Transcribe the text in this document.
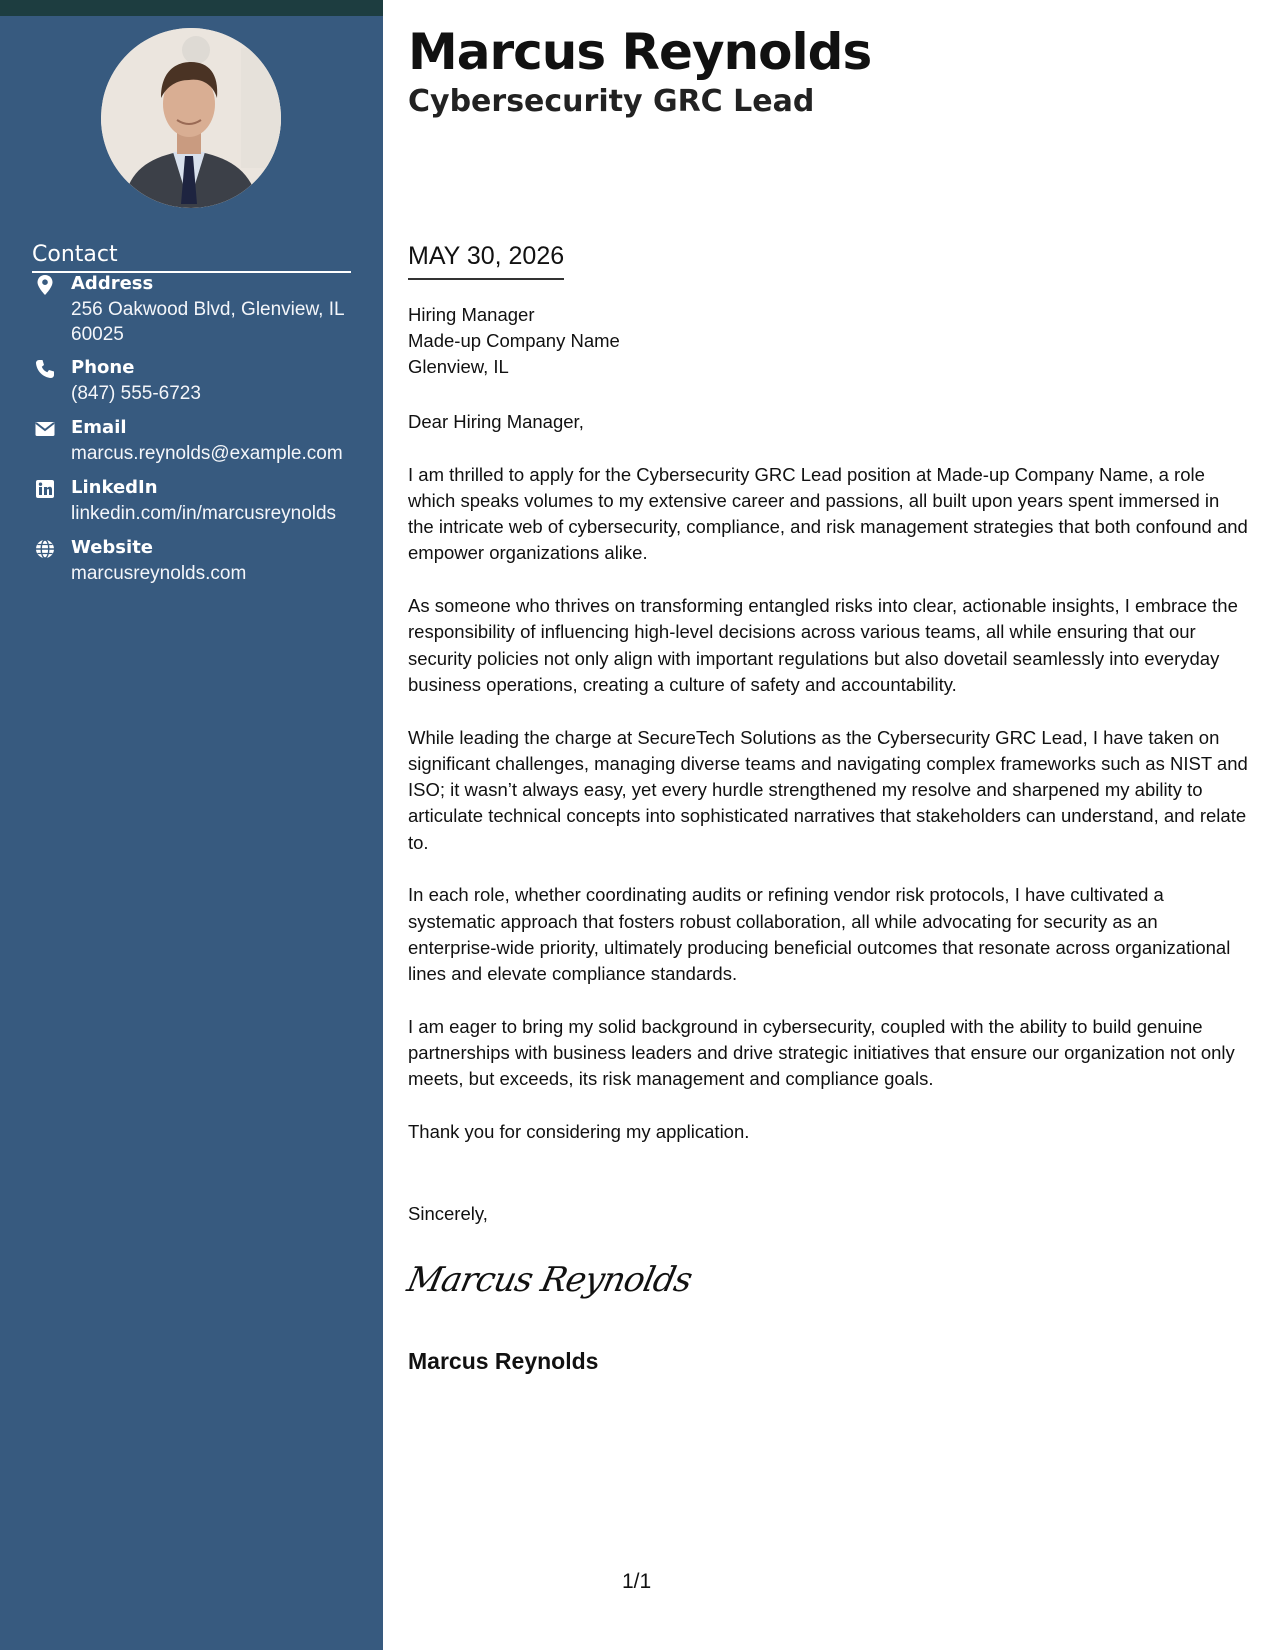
Contact
Address
256 Oakwood Blvd, Glenview, IL 60025
Phone
(847) 555-6723
Email
marcus.reynolds@example.com
LinkedIn
linkedin.com/in/marcusreynolds
Website
marcusreynolds.com
Marcus Reynolds
Cybersecurity GRC Lead
MAY 30, 2026
Hiring Manager
Made-up Company Name
Glenview, IL

Dear Hiring Manager,

I am thrilled to apply for the Cybersecurity GRC Lead position at Made-up Company Name, a role which speaks volumes to my extensive career and passions, all built upon years spent immersed in the intricate web of cybersecurity, compliance, and risk management strategies that both confound and empower organizations alike.

As someone who thrives on transforming entangled risks into clear, actionable insights, I embrace the responsibility of influencing high-level decisions across various teams, all while ensuring that our security policies not only align with important regulations but also dovetail seamlessly into everyday business operations, creating a culture of safety and accountability.

While leading the charge at SecureTech Solutions as the Cybersecurity GRC Lead, I have taken on significant challenges, managing diverse teams and navigating complex frameworks such as NIST and ISO; it wasn’t always easy, yet every hurdle strengthened my resolve and sharpened my ability to articulate technical concepts into sophisticated narratives that stakeholders can understand, and relate to.

In each role, whether coordinating audits or refining vendor risk protocols, I have cultivated a systematic approach that fosters robust collaboration, all while advocating for security as an enterprise-wide priority, ultimately producing beneficial outcomes that resonate across organizational lines and elevate compliance standards.

I am eager to bring my solid background in cybersecurity, coupled with the ability to build genuine partnerships with business leaders and drive strategic initiatives that ensure our organization not only meets, but exceeds, its risk management and compliance goals.

Thank you for considering my application.

Sincerely,
Marcus Reynolds
Marcus Reynolds
1/1
